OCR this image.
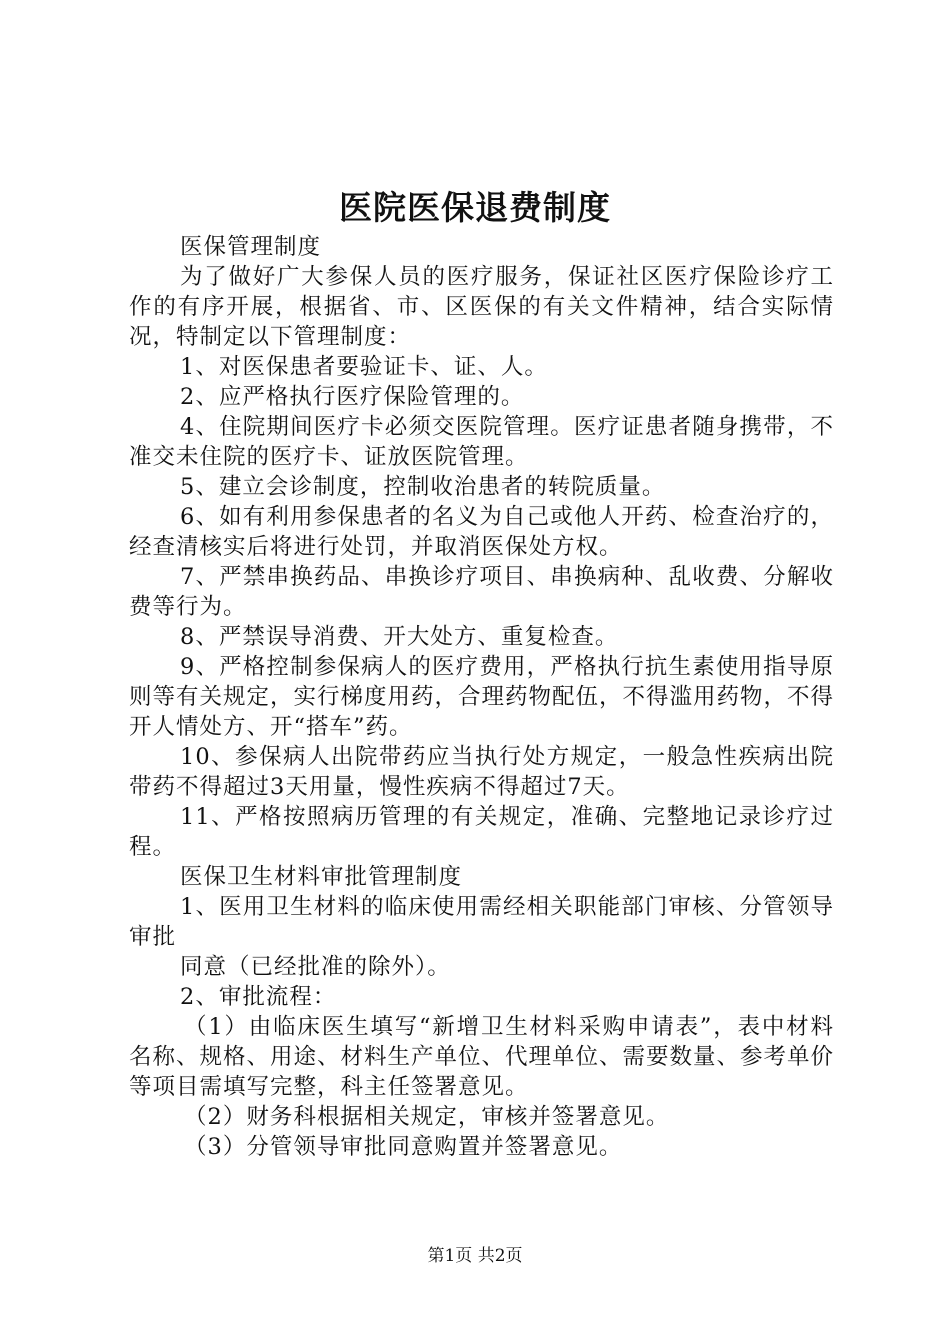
医院医保退费制度

医保管理制度

为了做好广大参保人员的医疗服务，保证社区医疗保险诊疗工作的有序开展，根据省、市、区医保的有关文件精神，结合实际情况，特制定以下管理制度：

1、对医保患者要验证卡、证、人。

2、应严格执行医疗保险管理的。

4、住院期间医疗卡必须交医院管理。医疗证患者随身携带，不准交未住院的医疗卡、证放医院管理。

5、建立会诊制度，控制收治患者的转院质量。

6、如有利用参保患者的名义为自己或他人开药、检查治疗的，经查清核实后将进行处罚，并取消医保处方权。

7、严禁串换药品、串换诊疗项目、串换病种、乱收费、分解收费等行为。

8、严禁误导消费、开大处方、重复检查。

9、严格控制参保病人的医疗费用，严格执行抗生素使用指导原则等有关规定，实行梯度用药，合理药物配伍，不得滥用药物，不得开人情处方、开“搭车”药。

10、参保病人出院带药应当执行处方规定，一般急性疾病出院带药不得超过3天用量，慢性疾病不得超过7天。

11、严格按照病历管理的有关规定，准确、完整地记录诊疗过程。

医保卫生材料审批管理制度

1、医用卫生材料的临床使用需经相关职能部门审核、分管领导审批

同意（已经批准的除外）。

2、审批流程：

（1）由临床医生填写“新增卫生材料采购申请表”，表中材料名称、规格、用途、材料生产单位、代理单位、需要数量、参考单价等项目需填写完整，科主任签署意见。

（2）财务科根据相关规定，审核并签署意见。

（3）分管领导审批同意购置并签署意见。

第1页 共2页
